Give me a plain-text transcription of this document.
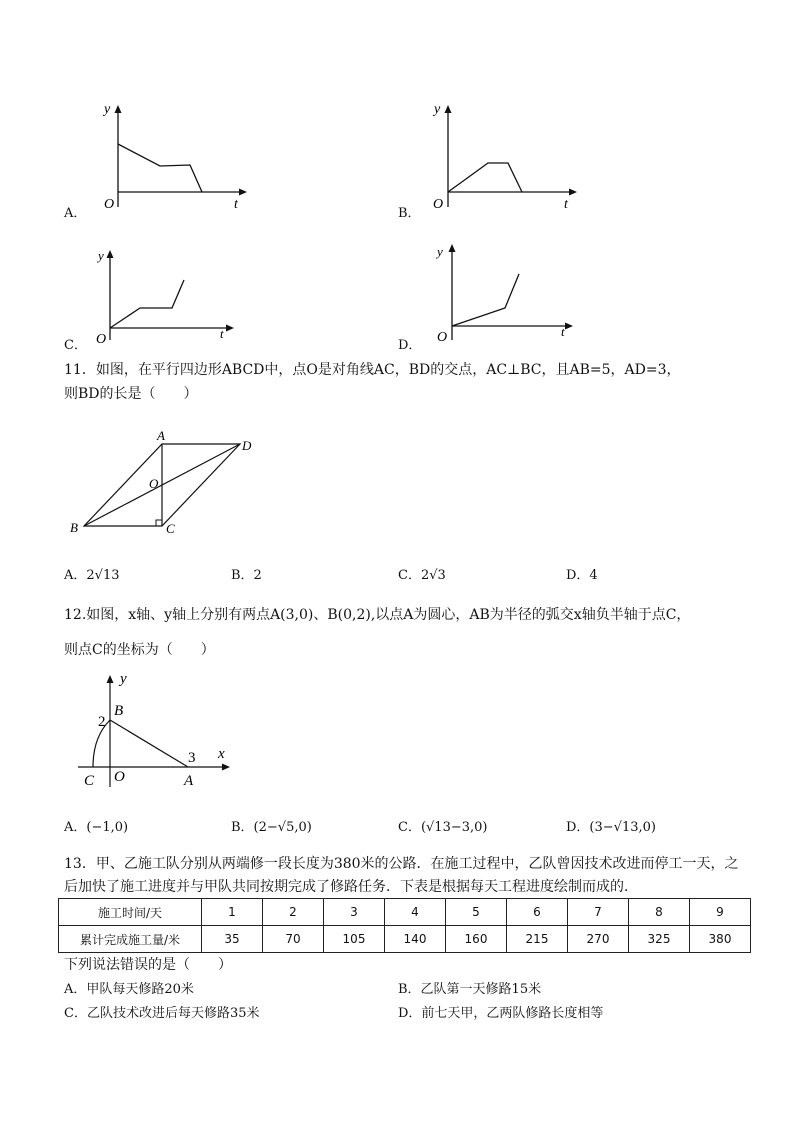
y
O	t
A．
y
O	t
B．
y
O	t
C．
y
O	t
D．
11．如图，在平行四边形ABCD中，点O是对角线AC，BD的交点，AC⊥BC，且AB=5，AD=3，
则BD的长是（　　）
A
B	C
D
O
A．2√13	B．2	C．2√3	D．4
12.如图，x轴、y轴上分别有两点A(3,0)、B(0,2),以点A为圆心，AB为半径的弧交x轴负半轴于点C，
则点C的坐标为（　　）
y
x
B
2
3
C O	A
A．(−1,0)	B．(2−√5,0)	C．(√13−3,0)	D．(3−√13,0)
13．甲、乙施工队分别从两端修一段长度为380米的公路．在施工过程中，乙队曾因技术改进而停工一天，之
后加快了施工进度并与甲队共同按期完成了修路任务．下表是根据每天工程进度绘制而成的．
施工时间/天	1	2	3	4	5	6	7	8	9
累计完成施工量/米	35	70	105	140	160	215	270	325	380
下列说法错误的是（　　）
A．甲队每天修路20米	B．乙队第一天修路15米
C．乙队技术改进后每天修路35米	D．前七天甲，乙两队修路长度相等
